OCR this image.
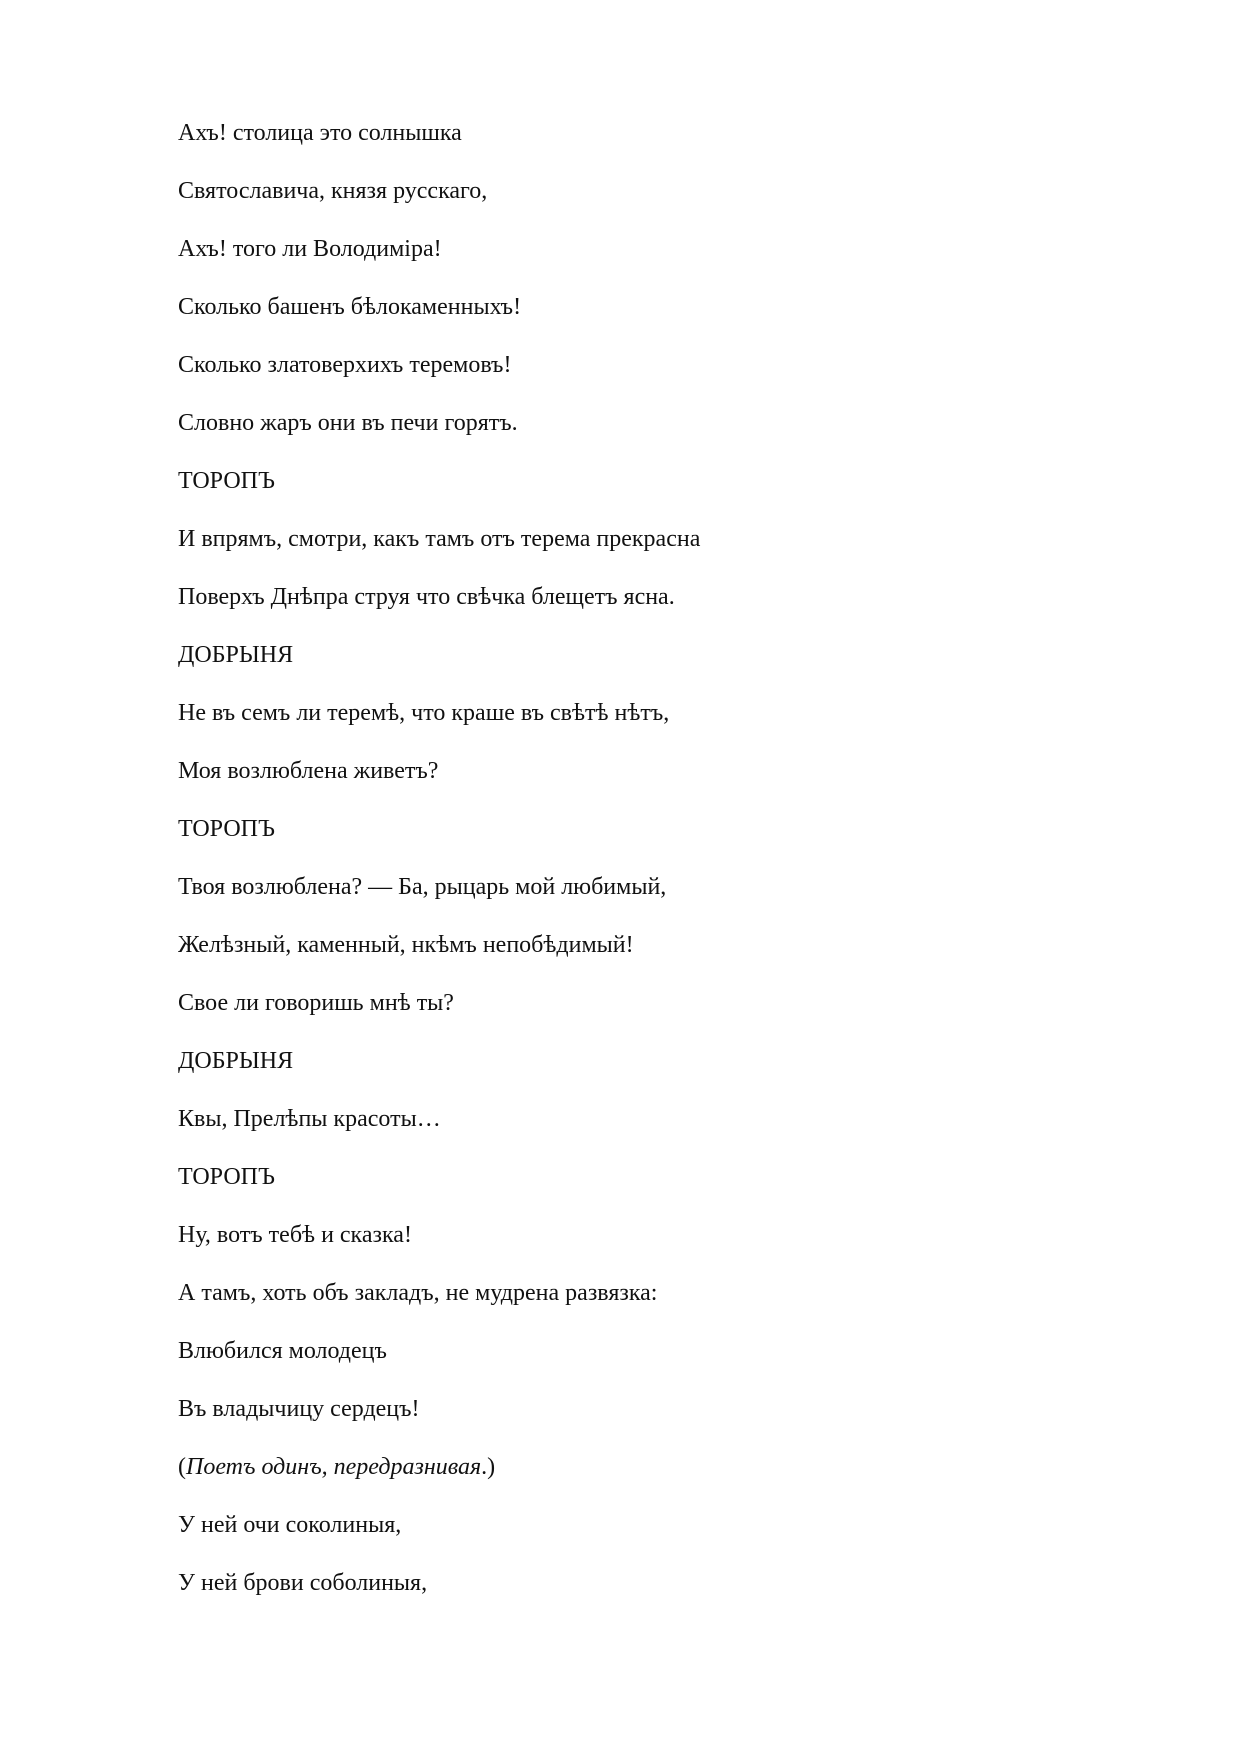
Ахъ! столица это солнышка
Святославича, князя русскаго,
Ахъ! того ли Володиміра!
Сколько башенъ бѣлокаменныхъ!
Сколько златоверхихъ теремовъ!
Словно жаръ они въ печи горятъ.
ТОРОПЪ
И впрямъ, смотри, какъ тамъ отъ терема прекрасна
Поверхъ Днѣпра струя что свѣчка блещетъ ясна.
ДОБРЫНЯ
Не въ семъ ли теремѣ, что краше въ свѣтѣ нѣтъ,
Моя возлюблена живетъ?
ТОРОПЪ
Твоя возлюблена? — Ба, рыцарь мой любимый,
Желѣзный, каменный, нкѣмъ непобѣдимый!
Свое ли говоришь мнѣ ты?
ДОБРЫНЯ
Квы, Прелѣпы красоты…
ТОРОПЪ
Ну, вотъ тебѣ и сказка!
А тамъ, хоть объ закладъ, не мудрена развязка:
Влюбился молодецъ
Въ владычицу сердецъ!
(Поетъ одинъ, передразнивая.)
У ней очи соколиныя,
У ней брови соболиныя,
